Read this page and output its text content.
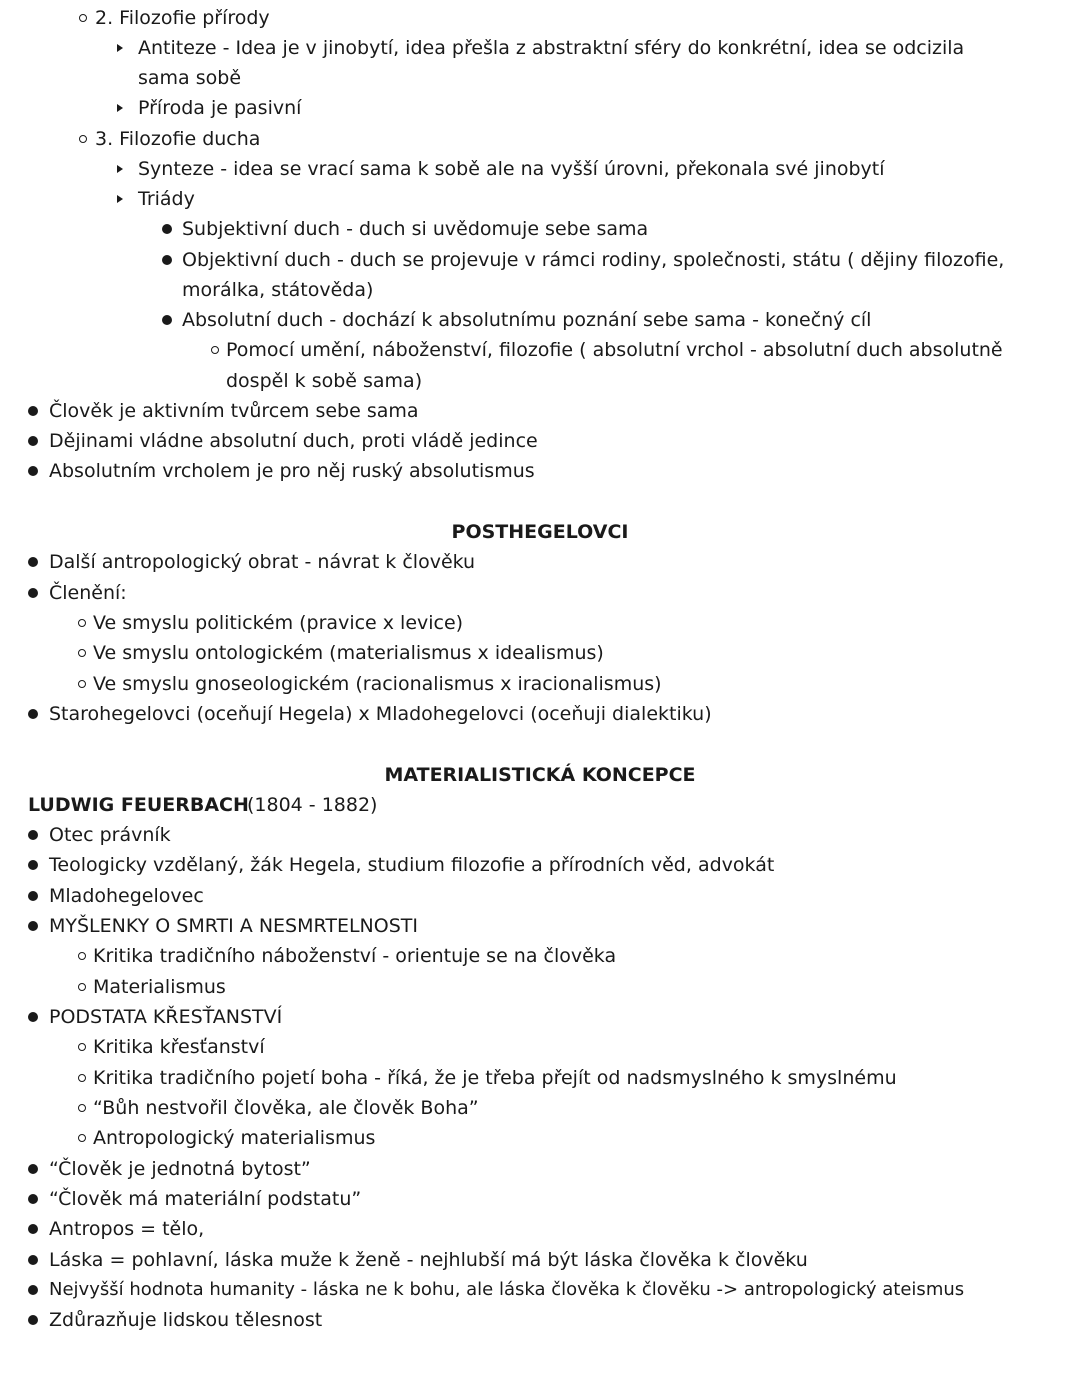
2. Filozofie přírody
Antiteze - Idea je v jinobytí, idea přešla z abstraktní sféry do konkrétní, idea se odcizila
sama sobě
Příroda je pasivní
3. Filozofie ducha
Synteze - idea se vrací sama k sobě ale na vyšší úrovni, překonala své jinobytí
Triády
Subjektivní duch - duch si uvědomuje sebe sama
Objektivní duch - duch se projevuje v rámci rodiny, společnosti, státu ( dějiny filozofie,
morálka, státověda)
Absolutní duch - dochází k absolutnímu poznání sebe sama - konečný cíl
Pomocí umění, náboženství, filozofie ( absolutní vrchol - absolutní duch absolutně
dospěl k sobě sama)
Člověk je aktivním tvůrcem sebe sama
Dějinami vládne absolutní duch, proti vládě jedince
Absolutním vrcholem je pro něj ruský absolutismus
POSTHEGELOVCI
Další antropologický obrat - návrat k člověku
Členění:
Ve smyslu politickém (pravice x levice)
Ve smyslu ontologickém (materialismus x idealismus)
Ve smyslu gnoseologickém (racionalismus x iracionalismus)
Starohegelovci (oceňují Hegela) x Mladohegelovci (oceňuji dialektiku)
MATERIALISTICKÁ KONCEPCE
LUDWIG FEUERBACH
(1804 - 1882)
Otec právník
Teologicky vzdělaný, žák Hegela, studium filozofie a přírodních věd, advokát
Mladohegelovec
MYŠLENKY O SMRTI A NESMRTELNOSTI
Kritika tradičního náboženství - orientuje se na člověka
Materialismus
PODSTATA KŘESŤANSTVÍ
Kritika křesťanství
Kritika tradičního pojetí boha - říká, že je třeba přejít od nadsmyslného k smyslnému
“Bůh nestvořil člověka, ale člověk Boha”
Antropologický materialismus
“Člověk je jednotná bytost”
“Člověk má materiální podstatu”
Antropos = tělo,
Láska = pohlavní, láska muže k ženě - nejhlubší má být láska člověka k člověku
Nejvyšší hodnota humanity - láska ne k bohu, ale láska člověka k člověku -> antropologický ateismus
Zdůrazňuje lidskou tělesnost
